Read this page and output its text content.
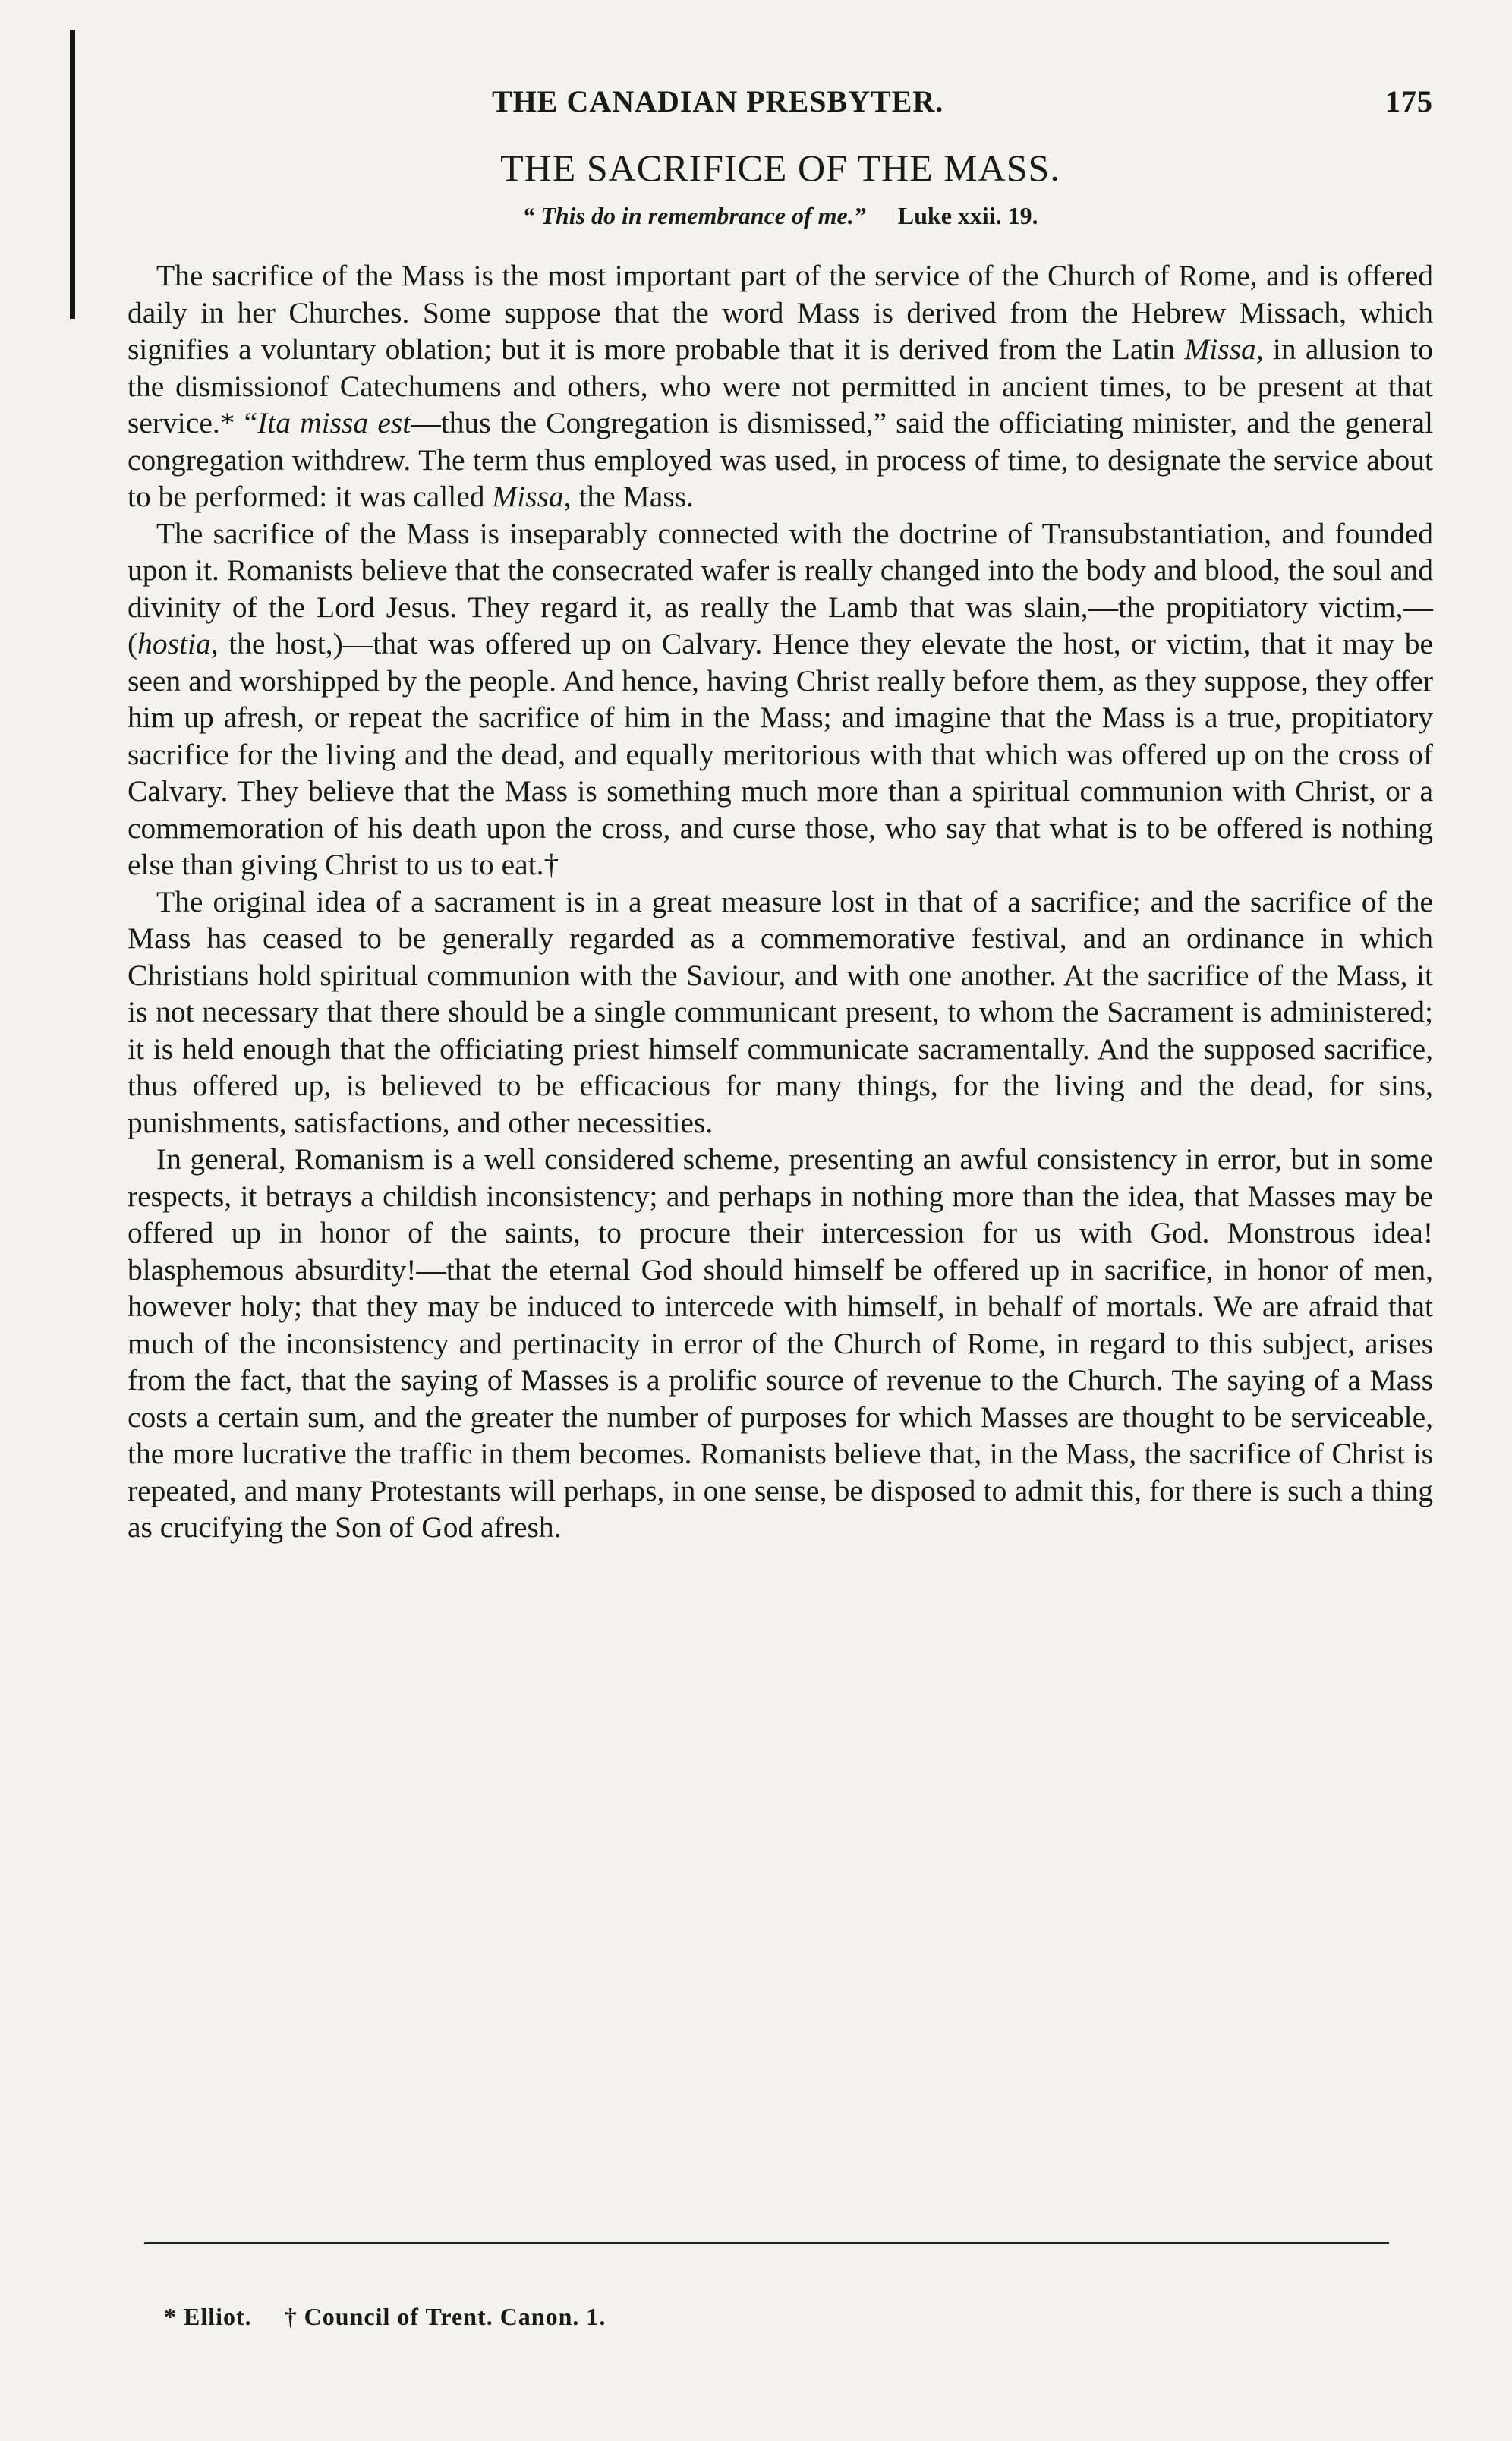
THE CANADIAN PRESBYTER.	175
THE SACRIFICE OF THE MASS.
“ This do in remembrance of me.” Luke xxii. 19.

The sacrifice of the Mass is the most important part of the service of the Church of Rome, and is offered daily in her Churches. Some suppose that the word Mass is derived from the Hebrew Missach, which signifies a voluntary oblation; but it is more probable that it is derived from the Latin Missa, in allusion to the dismissionof Catechumens and others, who were not permitted in ancient times, to be present at that service.* “Ita missa est—thus the Congregation is dismissed,” said the officiating minister, and the general congregation withdrew. The term thus employed was used, in process of time, to designate the service about to be performed: it was called Missa, the Mass.

The sacrifice of the Mass is inseparably connected with the doctrine of Transubstantiation, and founded upon it. Romanists believe that the consecrated wafer is really changed into the body and blood, the soul and divinity of the Lord Jesus. They regard it, as really the Lamb that was slain,—the propitiatory victim,—(hostia, the host,)—that was offered up on Calvary. Hence they elevate the host, or victim, that it may be seen and worshipped by the people. And hence, having Christ really before them, as they suppose, they offer him up afresh, or repeat the sacrifice of him in the Mass; and imagine that the Mass is a true, propitiatory sacrifice for the living and the dead, and equally meritorious with that which was offered up on the cross of Calvary. They believe that the Mass is something much more than a spiritual communion with Christ, or a commemoration of his death upon the cross, and curse those, who say that what is to be offered is nothing else than giving Christ to us to eat.†

The original idea of a sacrament is in a great measure lost in that of a sacrifice; and the sacrifice of the Mass has ceased to be generally regarded as a commemorative festival, and an ordinance in which Christians hold spiritual communion with the Saviour, and with one another. At the sacrifice of the Mass, it is not necessary that there should be a single communicant present, to whom the Sacrament is administered; it is held enough that the officiating priest himself communicate sacramentally. And the supposed sacrifice, thus offered up, is believed to be efficacious for many things, for the living and the dead, for sins, punishments, satisfactions, and other necessities.

In general, Romanism is a well considered scheme, presenting an awful consistency in error, but in some respects, it betrays a childish inconsistency; and perhaps in nothing more than the idea, that Masses may be offered up in honor of the saints, to procure their intercession for us with God. Monstrous idea! blasphemous absurdity!—that the eternal God should himself be offered up in sacrifice, in honor of men, however holy; that they may be induced to intercede with himself, in behalf of mortals. We are afraid that much of the inconsistency and pertinacity in error of the Church of Rome, in regard to this subject, arises from the fact, that the saying of Masses is a prolific source of revenue to the Church. The saying of a Mass costs a certain sum, and the greater the number of purposes for which Masses are thought to be serviceable, the more lucrative the traffic in them becomes. Romanists believe that, in the Mass, the sacrifice of Christ is repeated, and many Protestants will perhaps, in one sense, be disposed to admit this, for there is such a thing as crucifying the Son of God afresh.

* Elliot. † Council of Trent. Canon. 1.
